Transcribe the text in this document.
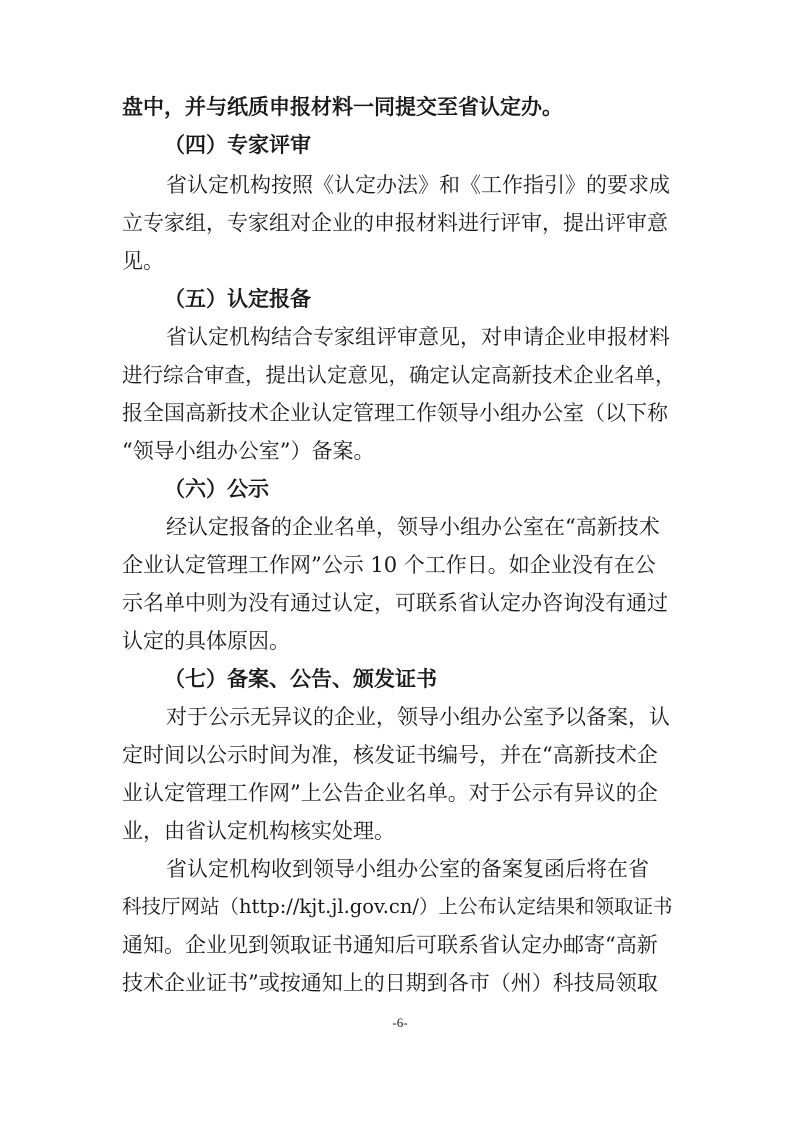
盘中，并与纸质申报材料一同提交至省认定办。
（四）专家评审
省认定机构按照《认定办法》和《工作指引》的要求成
立专家组，专家组对企业的申报材料进行评审，提出评审意
见。
（五）认定报备
省认定机构结合专家组评审意见，对申请企业申报材料
进行综合审查，提出认定意见，确定认定高新技术企业名单，
报全国高新技术企业认定管理工作领导小组办公室（以下称
“领导小组办公室”）备案。
（六）公示
经认定报备的企业名单，领导小组办公室在“高新技术
企业认定管理工作网”公示 10 个工作日。如企业没有在公
示名单中则为没有通过认定，可联系省认定办咨询没有通过
认定的具体原因。
（七）备案、公告、颁发证书
对于公示无异议的企业，领导小组办公室予以备案，认
定时间以公示时间为准，核发证书编号，并在“高新技术企
业认定管理工作网”上公告企业名单。对于公示有异议的企
业，由省认定机构核实处理。
省认定机构收到领导小组办公室的备案复函后将在省
科技厅网站（http://kjt.jl.gov.cn/）上公布认定结果和领取证书
通知。企业见到领取证书通知后可联系省认定办邮寄“高新
技术企业证书”或按通知上的日期到各市（州）科技局领取
-6-
